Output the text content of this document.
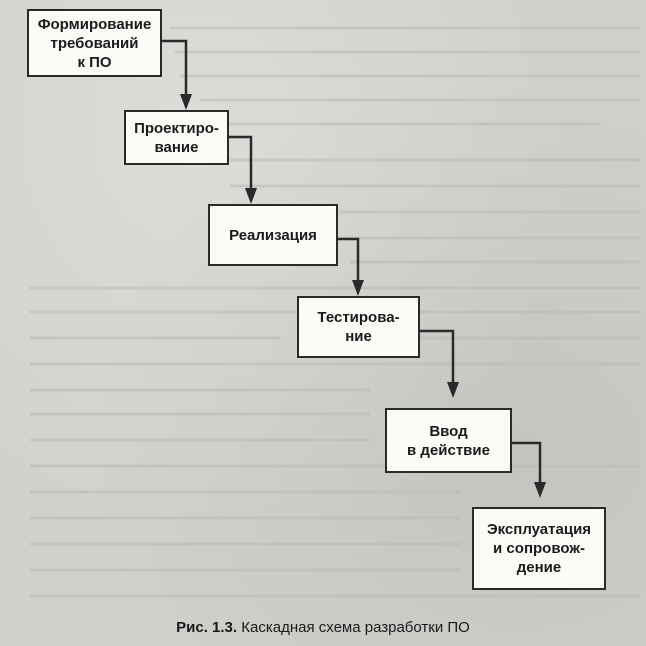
Формирование
требований
к ПО
Проектиро-
вание
Реализация
Тестирова-
ние
Ввод
в действие
Эксплуатация
и сопровож-
дение
Рис. 1.3. Каскадная схема разработки ПО
